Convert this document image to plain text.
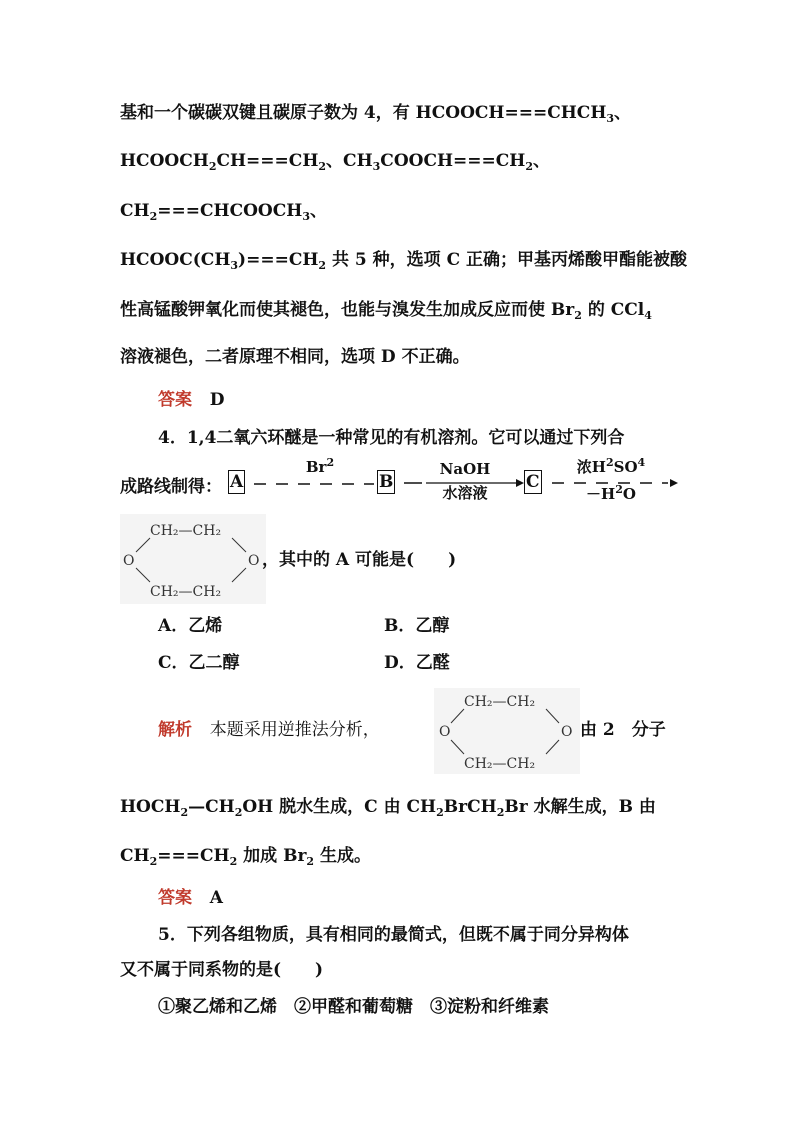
基和一个碳碳双键且碳原子数为 4，有 $HCOOCH===CHCH_3$、
$HCOOCH_2CH===CH_2$、$CH_3COOCH===CH_2$、
$CH_2===CHCOOCH_3$、
$HCOOC(CH_3)===CH_2$ 共 5 种，选项 C 正确；甲基丙烯酸甲酯能被酸
性高锰酸钾氧化而使其褪色，也能与溴发生加成反应而使 $Br_2$ 的 CCl$_4$
溶液褪色，二者原理不相同，选项 D 不正确。
答案 D
4．1,4二氧六环醚是一种常见的有机溶剂。它可以通过下列合
成路线制得： A
Br$^2$
B
NaOH
水溶液
C
浓$H^2SO^4$
$-H^2O$
CH₂—CH₂
CH₂—CH₂
O	O ，其中的 A 可能是(　　)
A．乙烯	B．乙醇
C．乙二醇	D．乙醛
解析 本题采用逆推法分析，
CH₂—CH₂
CH₂—CH₂
O	O 由 2　分子
$HOCH_2—CH_2OH$ 脱水生成，C 由 $CH_2BrCH_2Br$ 水解生成，B 由
$CH_2===CH_2$ 加成 $Br_2$ 生成。
答案 A
5．下列各组物质，具有相同的最简式，但既不属于同分异构体
又不属于同系物的是(　　)
①聚乙烯和乙烯　②甲醛和葡萄糖　③淀粉和纤维素
